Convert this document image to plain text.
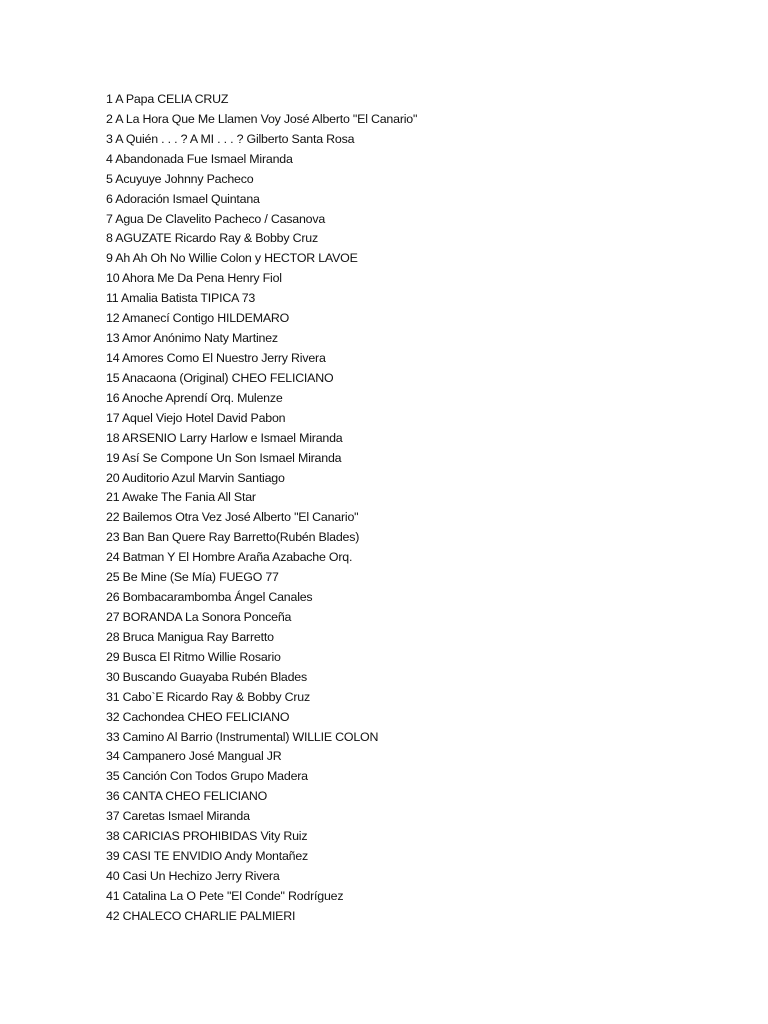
1 A Papa CELIA CRUZ
2 A La Hora Que Me Llamen Voy José Alberto "El Canario"
3 A Quién . . . ? A MI . . . ? Gilberto Santa Rosa
4 Abandonada Fue Ismael Miranda
5 Acuyuye Johnny Pacheco
6 Adoración Ismael Quintana
7 Agua De Clavelito Pacheco / Casanova
8 AGUZATE Ricardo Ray & Bobby Cruz
9 Ah Ah Oh No Willie Colon y HECTOR LAVOE
10 Ahora Me Da Pena Henry Fiol
11 Amalia Batista TIPICA 73
12 Amanecí Contigo HILDEMARO
13 Amor Anónimo Naty Martinez
14 Amores Como El Nuestro Jerry Rivera
15 Anacaona (Original) CHEO FELICIANO
16 Anoche Aprendí Orq. Mulenze
17 Aquel Viejo Hotel David Pabon
18 ARSENIO Larry Harlow e Ismael Miranda
19 Así Se Compone Un Son Ismael Miranda
20 Auditorio Azul Marvin Santiago
21 Awake The Fania All Star
22 Bailemos Otra Vez José Alberto "El Canario"
23 Ban Ban Quere Ray Barretto(Rubén Blades)
24 Batman Y El Hombre Araña Azabache Orq.
25 Be Mine (Se Mía) FUEGO 77
26 Bombacarambomba Ángel Canales
27 BORANDA La Sonora Ponceña
28 Bruca Manigua Ray Barretto
29 Busca El Ritmo Willie Rosario
30 Buscando Guayaba Rubén Blades
31 Cabo`E Ricardo Ray & Bobby Cruz
32 Cachondea CHEO FELICIANO
33 Camino Al Barrio (Instrumental) WILLIE COLON
34 Campanero José Mangual JR
35 Canción Con Todos Grupo Madera
36 CANTA CHEO FELICIANO
37 Caretas Ismael Miranda
38 CARICIAS PROHIBIDAS Vity Ruiz
39 CASI TE ENVIDIO Andy Montañez
40 Casi Un Hechizo Jerry Rivera
41 Catalina La O Pete "El Conde" Rodríguez
42 CHALECO CHARLIE PALMIERI
